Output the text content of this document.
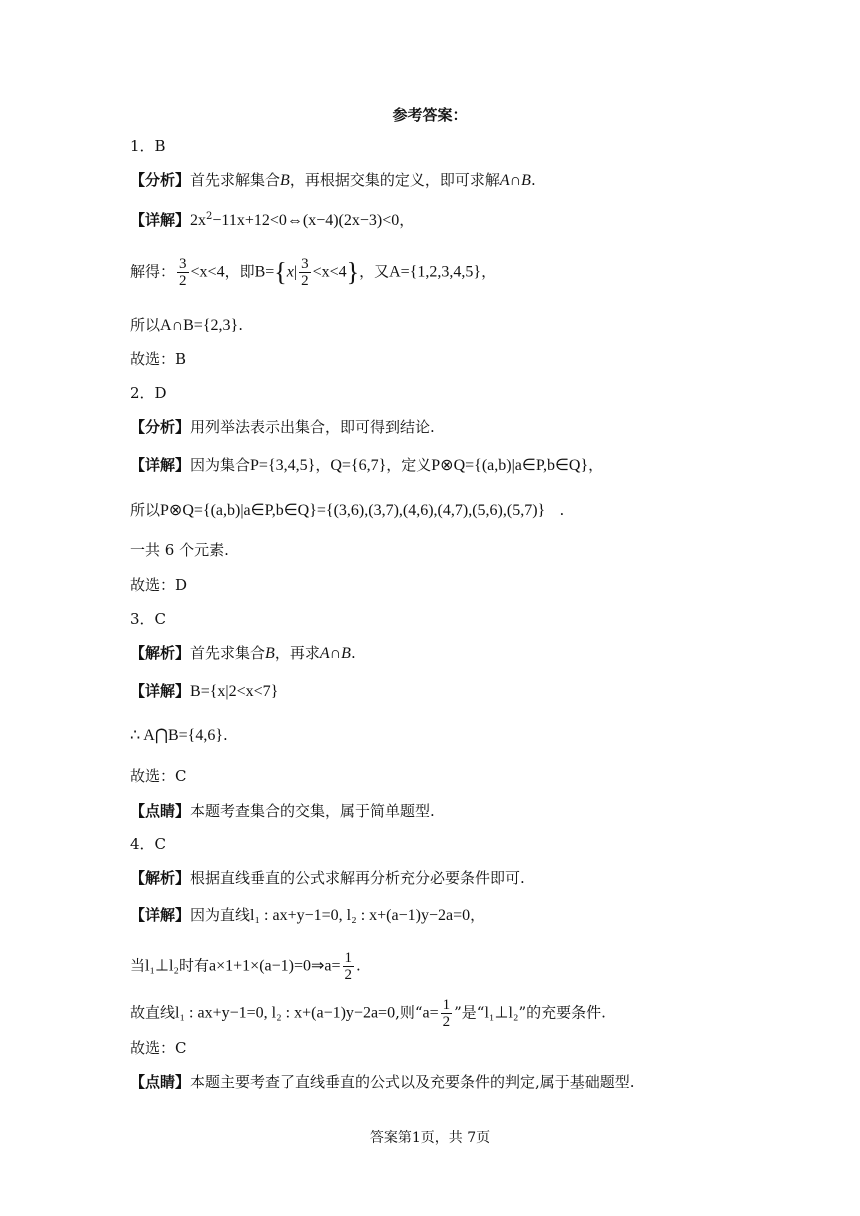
参考答案：
1．B
【分析】首先求解集合B，再根据交集的定义，即可求解A∩B.
【详解】$2x^2-11x+12<0\Leftrightarrow(x-4)(2x-3)<0$，
解得： $\frac{3}{2} <x<4$，即$B=\{x| \frac{3}{2} <x<4\}$，又A={1,2,3,4,5}，
所以A∩B={2,3}.
故选：B
2．D
【分析】用列举法表示出集合，即可得到结论.
【详解】因为集合P={3,4,5}，Q={6,7}，定义P⊗Q={(a,b)|a∈P,b∈Q}，
所以P⊗Q={(a,b)|a∈P,b∈Q}={(3,6),(3,7),(4,6),(4,7),(5,6),(5,7)}   .
一共 6 个元素.
故选：D
3．C
【解析】首先求集合B，再求A∩B.
【详解】B={x|2<x<7}
∴ A⋂B={4,6}.
故选：C
【点睛】本题考查集合的交集，属于简单题型.
4．C
【解析】根据直线垂直的公式求解再分析充分必要条件即可.
【详解】因为直线l₁ : ax+y−1=0, l₂ : x+(a−1)y−2a=0，
当l₁⊥l₂时有a×1+1×(a−1)=0⇒a= $\frac{1}{2}$ .
故直线l₁ : ax+y−1=0, l₂ : x+(a−1)y−2a=0,则“$a= \frac{1}{2}$ ”是“l₁⊥l₂”的充要条件.
故选：C
【点睛】本题主要考查了直线垂直的公式以及充要条件的判定,属于基础题型.
答案第1页，共 7页
